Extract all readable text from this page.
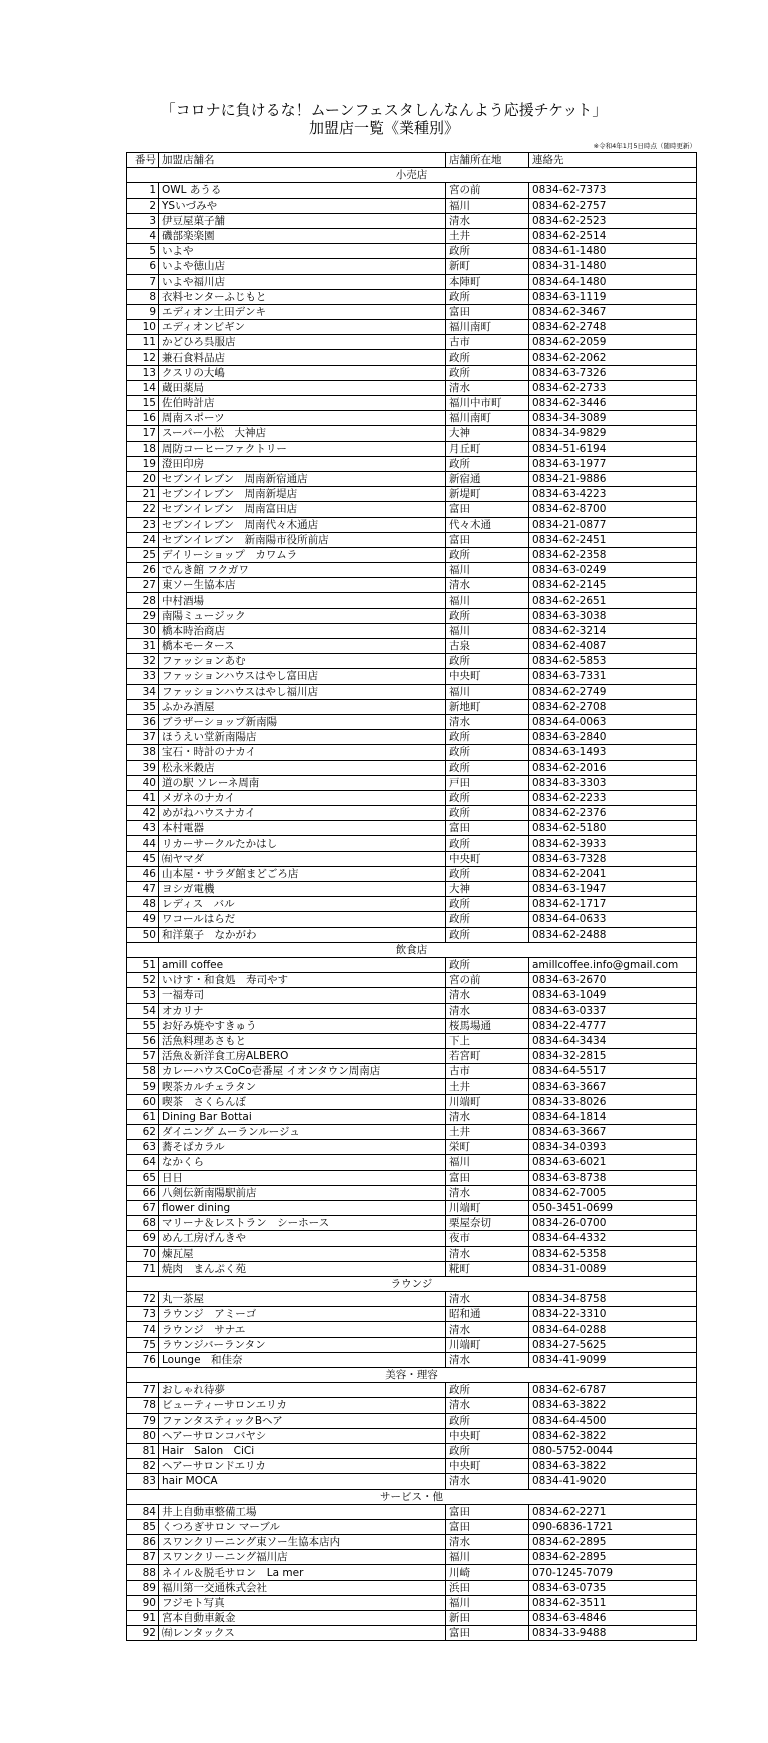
「コロナに負けるな！ムーンフェスタしんなんよう応援チケット」
加盟店一覧《業種別》
※令和4年1月5日時点（随時更新）
番号	加盟店舗名	店舗所在地	連絡先
小売店			
1	OWL あうる	宮の前	0834-62-7373
2	YSいづみや	福川	0834-62-2757
3	伊豆屋菓子舗	清水	0834-62-2523
4	磯部楽楽園	土井	0834-62-2514
5	いよや	政所	0834-61-1480
6	いよや徳山店	新町	0834-31-1480
7	いよや福川店	本陣町	0834-64-1480
8	衣料センターふじもと	政所	0834-63-1119
9	エディオン土田デンキ	富田	0834-62-3467
10	エディオンビギン	福川南町	0834-62-2748
11	かどひろ呉服店	古市	0834-62-2059
12	兼石食料品店	政所	0834-62-2062
13	クスリの大嶋	政所	0834-63-7326
14	蔵田薬局	清水	0834-62-2733
15	佐伯時計店	福川中市町	0834-62-3446
16	周南スポーツ	福川南町	0834-34-3089
17	スーパー小松　大神店	大神	0834-34-9829
18	周防コーヒーファクトリー	月丘町	0834-51-6194
19	澄田印房	政所	0834-63-1977
20	セブンイレブン　周南新宿通店	新宿通	0834-21-9886
21	セブンイレブン　周南新堤店	新堤町	0834-63-4223
22	セブンイレブン　周南富田店	富田	0834-62-8700
23	セブンイレブン　周南代々木通店	代々木通	0834-21-0877
24	セブンイレブン　新南陽市役所前店	富田	0834-62-2451
25	デイリーショップ　カワムラ	政所	0834-62-2358
26	でんき館 フクガワ	福川	0834-63-0249
27	東ソー生協本店	清水	0834-62-2145
28	中村酒場	福川	0834-62-2651
29	南陽ミュージック	政所	0834-63-3038
30	橋本時治商店	福川	0834-62-3214
31	橋本モータース	古泉	0834-62-4087
32	ファッションあむ	政所	0834-62-5853
33	ファッションハウスはやし富田店	中央町	0834-63-7331
34	ファッションハウスはやし福川店	福川	0834-62-2749
35	ふかみ酒屋	新地町	0834-62-2708
36	ブラザーショップ新南陽	清水	0834-64-0063
37	ほうえい堂新南陽店	政所	0834-63-2840
38	宝石・時計のナカイ	政所	0834-63-1493
39	松永米穀店	政所	0834-62-2016
40	道の駅 ソレーネ周南	戸田	0834-83-3303
41	メガネのナカイ	政所	0834-62-2233
42	めがねハウスナカイ	政所	0834-62-2376
43	本村電器	富田	0834-62-5180
44	リカーサークルたかはし	政所	0834-62-3933
45	㈲ヤマダ	中央町	0834-63-7328
46	山本屋・サラダ館まどごろ店	政所	0834-62-2041
47	ヨシガ電機	大神	0834-63-1947
48	レディス　バル	政所	0834-62-1717
49	ワコールはらだ	政所	0834-64-0633
50	和洋菓子　なかがわ	政所	0834-62-2488
飲食店			
51	amill coffee	政所	amillcoffee.info@gmail.com
52	いけす・和食処　寿司やす	宮の前	0834-63-2670
53	一福寿司	清水	0834-63-1049
54	オカリナ	清水	0834-63-0337
55	お好み焼やすきゅう	桜馬場通	0834-22-4777
56	活魚料理あさもと	下上	0834-64-3434
57	活魚＆新洋食工房ALBERO	若宮町	0834-32-2815
58	カレーハウスCoCo壱番屋 イオンタウン周南店	古市	0834-64-5517
59	喫茶カルチェラタン	土井	0834-63-3667
60	喫茶　さくらんぼ	川端町	0834-33-8026
61	Dining Bar Bottai	清水	0834-64-1814
62	ダイニング ムーランルージュ	土井	0834-63-3667
63	蕎そばカラル	栄町	0834-34-0393
64	なかくら	福川	0834-63-6021
65	日日	富田	0834-63-8738
66	八剣伝新南陽駅前店	清水	0834-62-7005
67	flower dining	川端町	050-3451-0699
68	マリーナ＆レストラン　シーホース	栗屋奈切	0834-26-0700
69	めん工房げんきや	夜市	0834-64-4332
70	煉瓦屋	清水	0834-62-5358
71	焼肉　まんぷく苑	糀町	0834-31-0089
ラウンジ			
72	丸一茶屋	清水	0834-34-8758
73	ラウンジ　アミーゴ	昭和通	0834-22-3310
74	ラウンジ　サナエ	清水	0834-64-0288
75	ラウンジバーランタン	川端町	0834-27-5625
76	Lounge　和佳奈	清水	0834-41-9099
美容・理容			
77	おしゃれ待夢	政所	0834-62-6787
78	ビューティーサロンエリカ	清水	0834-63-3822
79	ファンタスティックBヘア	政所	0834-64-4500
80	ヘアーサロンコバヤシ	中央町	0834-62-3822
81	Hair　Salon　CiCi	政所	080-5752-0044
82	ヘアーサロンドエリカ	中央町	0834-63-3822
83	hair MOCA	清水	0834-41-9020
サービス・他			
84	井上自動車整備工場	富田	0834-62-2271
85	くつろぎサロン マーブル	富田	090-6836-1721
86	スワンクリーニング東ソー生協本店内	清水	0834-62-2895
87	スワンクリーニング福川店	福川	0834-62-2895
88	ネイル＆脱毛サロン　La mer	川崎	070-1245-7079
89	福川第一交通株式会社	浜田	0834-63-0735
90	フジモト写真	福川	0834-62-3511
91	宮本自動車鈑金	新田	0834-63-4846
92	㈲レンタックス	富田	0834-33-9488
